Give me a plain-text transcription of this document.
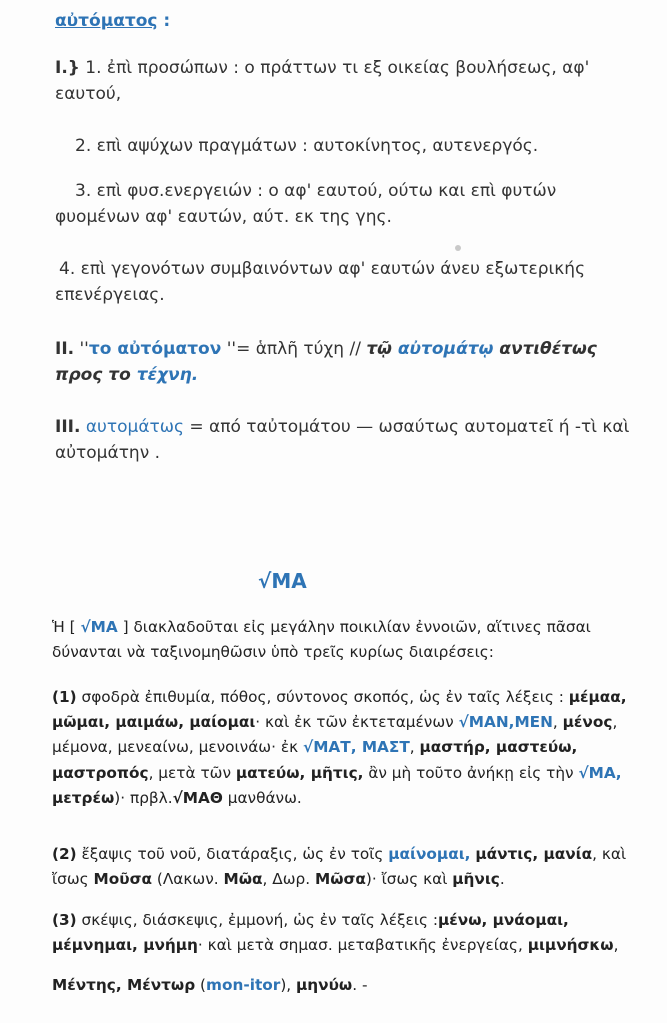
αὐτόματος :

I.} 1. ἐπὶ προσώπων : ο πράττων τι εξ οικείας βουλήσεως, αφ' εαυτού,

2. επὶ αψύχων πραγμάτων : αυτοκίνητος, αυτενεργός.

3. επὶ φυσ.ενεργειών : ο αφ' εαυτού, ούτω και επὶ φυτών φυομένων αφ' εαυτών, αύτ. εκ της γης.

4. επὶ γεγονότων συμβαινόντων αφ' εαυτών άνευ εξωτερικής επενέργειας.

II. ''το αὐτόματον ''= ἁπλῆ τύχη // τῷ αὐτομάτῳ αντιθέτως προς το τέχνη.

III. αυτομάτως = από ταὐτομάτου — ωσαύτως αυτοματεῖ ή -τὶ καὶ αὐτομάτην .

√ΜΑ

Ἡ [ √ΜΑ ] διακλαδοῦται εἰς μεγάλην ποικιλίαν ἐννοιῶν, αἵτινες πᾶσαι δύνανται νὰ ταξινομηθῶσιν ὑπὸ τρεῖς κυρίως διαιρέσεις:

(1) σφοδρὰ ἐπιθυμία, πόθος, σύντονος σκοπός, ὡς ἐν ταῖς λέξεις : μέμαα, μῶμαι, μαιμάω, μαίομαι· καὶ ἐκ τῶν ἐκτεταμένων √ΜΑΝ,ΜΕΝ, μένος, μέμονα, μενεαίνω, μενοινάω· ἐκ √ΜΑΤ, ΜΑΣΤ, μαστήρ, μαστεύω, μαστροπός, μετὰ τῶν ματεύω, μῆτις, ἂν μὴ τοῦτο ἀνήκῃ εἰς τὴν √ΜΑ, μετρέω)· πρβλ.√ΜΑΘ μανθάνω.

(2) ἔξαψις τοῦ νοῦ, διατάραξις, ὡς ἐν τοῖς μαίνομαι, μάντις, μανία, καὶ ἴσως Μοῦσα (Λακων. Μῶα, Δωρ. Μῶσα)· ἴσως καὶ μῆνις.

(3) σκέψις, διάσκεψις, ἐμμονή, ὡς ἐν ταῖς λέξεις :μένω, μνάομαι, μέμνημαι, μνήμη· καὶ μετὰ σημασ. μεταβατικῆς ἐνεργείας, μιμνήσκω,

Μέντης, Μέντωρ (mon-itor), μηνύω. -
